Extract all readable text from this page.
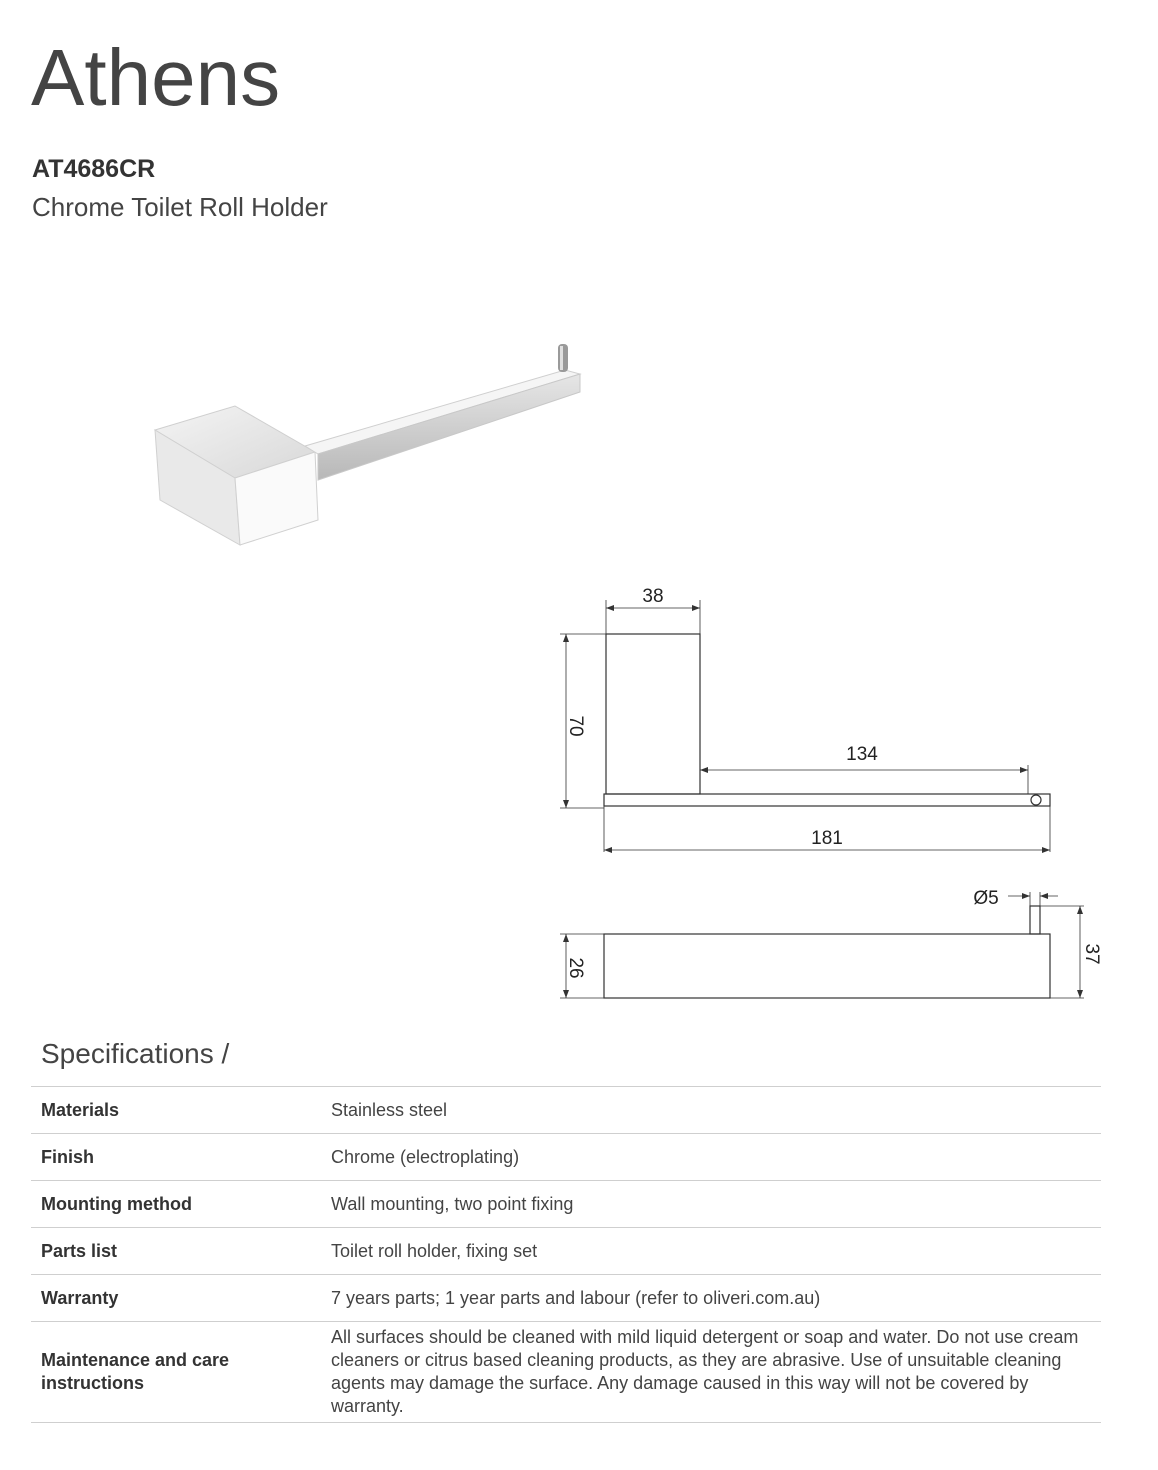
Athens
AT4686CR
Chrome Toilet Roll Holder
38
70
134
181
Ø5
26
37
Specifications /
Materials	Stainless steel
Finish	Chrome (electroplating)
Mounting method	Wall mounting, two point fixing
Parts list	Toilet roll holder, fixing set
Warranty	7 years parts; 1 year parts and labour (refer to oliveri.com.au)
Maintenance and care instructions	All surfaces should be cleaned with mild liquid detergent or soap and water. Do not use cream cleaners or citrus based cleaning products, as they are abrasive. Use of unsuitable cleaning agents may damage the surface. Any damage caused in this way will not be covered by warranty.
